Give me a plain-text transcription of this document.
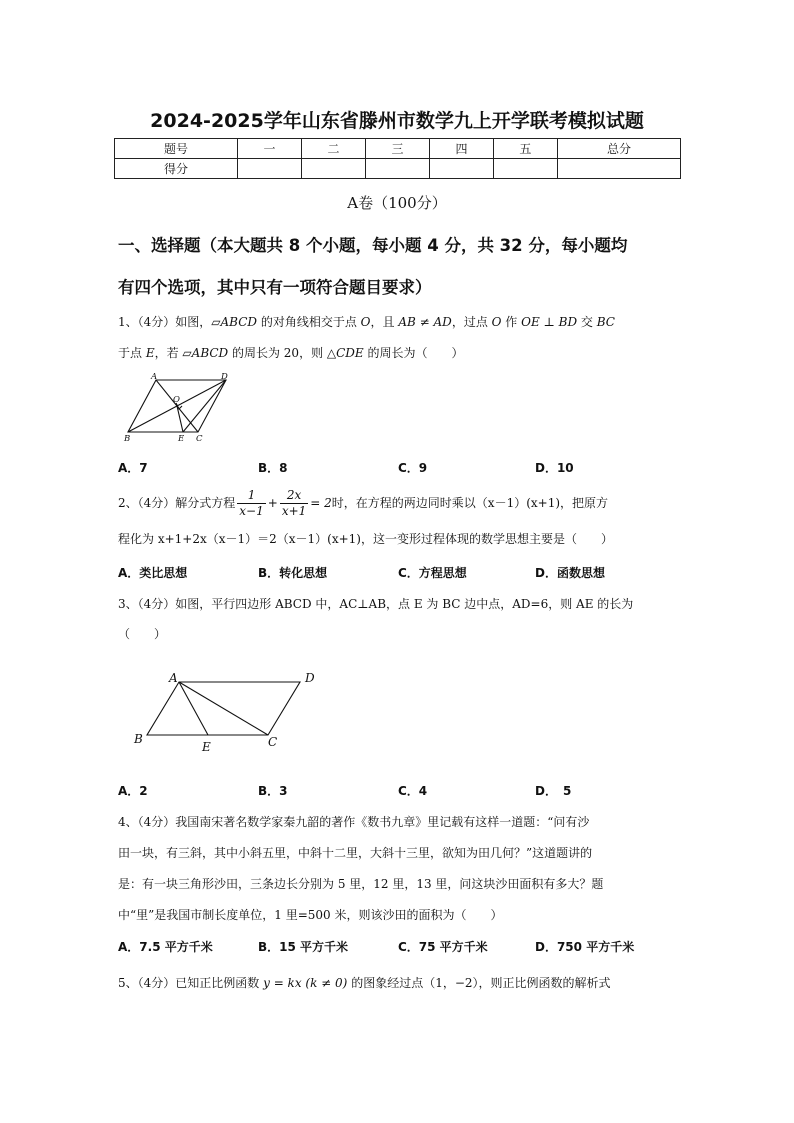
2024-2025学年山东省滕州市数学九上开学联考模拟试题
题号	一	二	三	四	五	总分
得分						
A卷（100分）
一、选择题（本大题共 8 个小题，每小题 4 分，共 32 分，每小题均
有四个选项，其中只有一项符合题目要求）
1、（4分）如图，▱ABCD 的对角线相交于点 O，且 AB ≠ AD，过点 O 作 OE ⊥ BD 交 BC
于点 E，若 ▱ABCD 的周长为 20，则 △CDE 的周长为（　　）
A	D
O
B	E C
A．7	B．8	C．9	D．10
2、（4分）解分式方程 $\frac{1}{x-1} + \frac{2x}{x+1} = 2$时，在方程的两边同时乘以（x－1）(x+1)，把原方
程化为 x+1+2x（x－1）＝2（x－1）(x+1)，这一变形过程体现的数学思想主要是（　　）
A．类比思想	B．转化思想	C．方程思想	D．函数思想
3、（4分）如图，平行四边形 ABCD 中，AC⊥AB，点 E 为 BC 边中点，AD=6，则 AE 的长为
（　　）
A	D
B
E	C
A．2	B．3	C．4	D．　5
4、（4分）我国南宋著名数学家秦九韶的著作《数书九章》里记载有这样一道题：“问有沙
田一块，有三斜，其中小斜五里，中斜十二里，大斜十三里，欲知为田几何？”这道题讲的
是：有一块三角形沙田，三条边长分别为 5 里，12 里，13 里，问这块沙田面积有多大？题
中“里”是我国市制长度单位，1 里=500 米，则该沙田的面积为（　　）
A．7.5 平方千米	B．15 平方千米	C．75 平方千米	D．750 平方千米
5、（4分）已知正比例函数 y = kx (k ≠ 0) 的图象经过点（1，−2），则正比例函数的解析式
